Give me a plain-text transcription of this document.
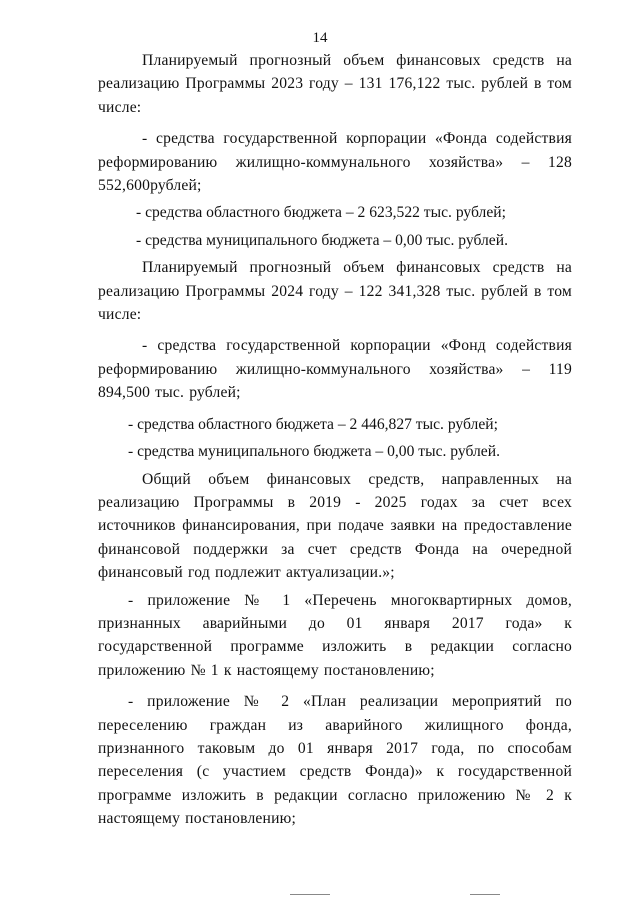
14

Планируемый прогнозный объем финансовых средств на реализацию Программы 2023 году – 131 176,122 тыс. рублей в том числе:

- средства государственной корпорации «Фонда содействия реформированию жилищно-коммунального хозяйства» – 128 552,600рублей;

- средства областного бюджета – 2 623,522 тыс. рублей;

- средства муниципального бюджета – 0,00 тыс. рублей.

Планируемый прогнозный объем финансовых средств на реализацию Программы 2024 году – 122 341,328 тыс. рублей в том числе:

- средства государственной корпорации «Фонд содействия реформированию жилищно-коммунального хозяйства» – 119 894,500 тыс. рублей;

- средства областного бюджета – 2 446,827 тыс. рублей;

- средства муниципального бюджета – 0,00 тыс. рублей.

Общий объем финансовых средств, направленных на реализацию Программы в 2019 - 2025 годах за счет всех источников финансирования, при подаче заявки на предоставление финансовой поддержки за счет средств Фонда на очередной финансовый год подлежит актуализации.»;

- приложение № 1 «Перечень многоквартирных домов, признанных аварийными до 01 января 2017 года» к государственной программе изложить в редакции согласно приложению № 1 к настоящему постановлению;

- приложение № 2 «План реализации мероприятий по переселению граждан из аварийного жилищного фонда, признанного таковым до 01 января 2017 года, по способам переселения (с участием средств Фонда)» к государственной программе изложить в редакции согласно приложению № 2 к настоящему постановлению;
